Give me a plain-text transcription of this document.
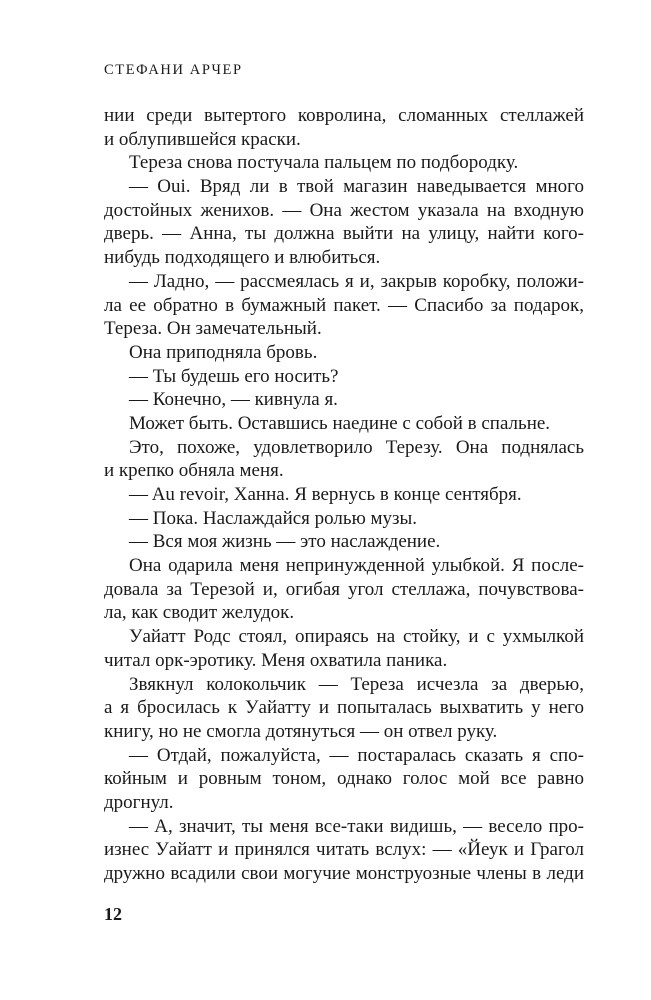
СТЕФАНИ АРЧЕР
нии среди вытертого ковролина, сломанных стеллажей
и облупившейся краски.
Тереза снова постучала пальцем по подбородку.
— Oui. Вряд ли в твой магазин наведывается много
достойных женихов. — Она жестом указала на входную
дверь. — Анна, ты должна выйти на улицу, найти кого-
нибудь подходящего и влюбиться.
— Ладно, — рассмеялась я и, закрыв коробку, положи-
ла ее обратно в бумажный пакет. — Спасибо за подарок,
Тереза. Он замечательный.
Она приподняла бровь.
— Ты будешь его носить?
— Конечно, — кивнула я.
Может быть. Оставшись наедине с собой в спальне.
Это, похоже, удовлетворило Терезу. Она поднялась
и крепко обняла меня.
— Au revoir, Ханна. Я вернусь в конце сентября.
— Пока. Наслаждайся ролью музы.
— Вся моя жизнь — это наслаждение.
Она одарила меня непринужденной улыбкой. Я после-
довала за Терезой и, огибая угол стеллажа, почувствова-
ла, как сводит желудок.
Уайатт Родс стоял, опираясь на стойку, и с ухмылкой
читал орк-эротику. Меня охватила паника.
Звякнул колокольчик — Тереза исчезла за дверью,
а я бросилась к Уайатту и попыталась выхватить у него
книгу, но не смогла дотянуться — он отвел руку.
— Отдай, пожалуйста, — постаралась сказать я спо-
койным и ровным тоном, однако голос мой все равно
дрогнул.
— А, значит, ты меня все-таки видишь, — весело про-
изнес Уайатт и принялся читать вслух: — «Йеук и Грагол
дружно всадили свои могучие монструозные члены в леди
12
